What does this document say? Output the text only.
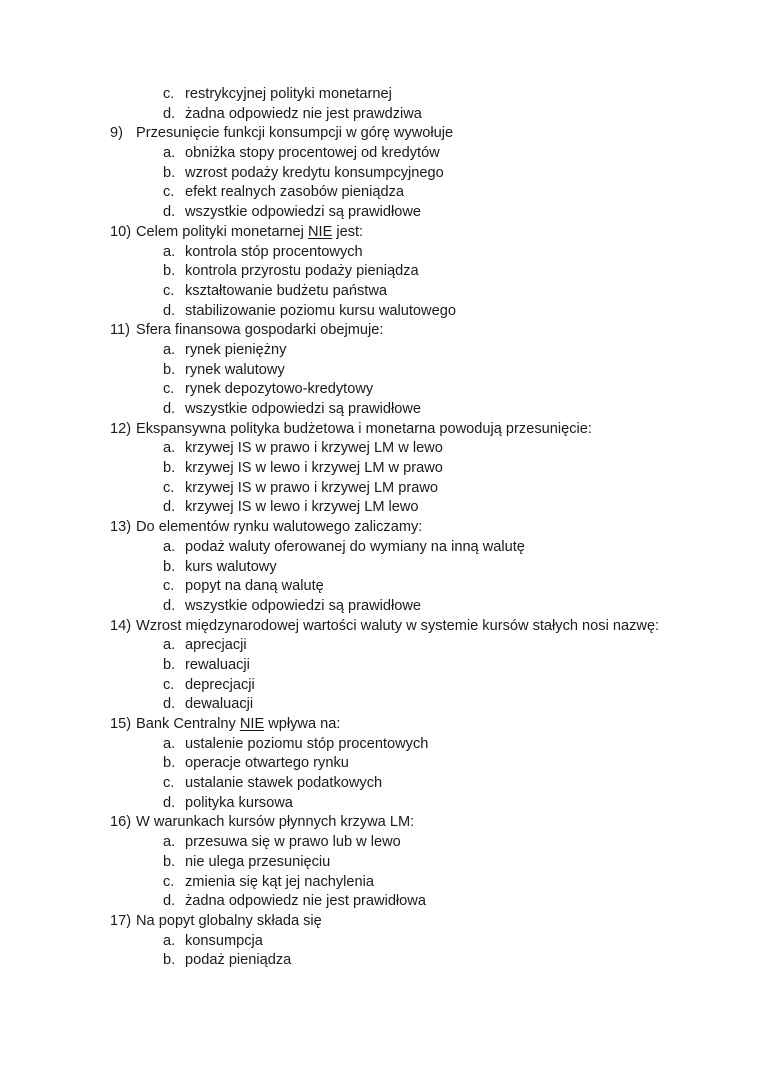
c. restrykcyjnej polityki monetarnej
d. żadna odpowiedz nie jest prawdziwa
9) Przesunięcie funkcji konsumpcji w górę wywołuje
a. obniżka stopy procentowej od kredytów
b. wzrost podaży kredytu konsumpcyjnego
c. efekt realnych zasobów pieniądza
d. wszystkie odpowiedzi są prawidłowe
10) Celem polityki monetarnej NIE jest:
a. kontrola stóp procentowych
b. kontrola przyrostu podaży pieniądza
c. kształtowanie budżetu państwa
d. stabilizowanie poziomu kursu walutowego
11) Sfera finansowa gospodarki obejmuje:
a. rynek pieniężny
b. rynek walutowy
c. rynek depozytowo-kredytowy
d. wszystkie odpowiedzi są prawidłowe
12) Ekspansywna polityka budżetowa i monetarna powodują przesunięcie:
a. krzywej IS w prawo i krzywej LM w lewo
b. krzywej IS w lewo i krzywej LM w prawo
c. krzywej IS w prawo i krzywej LM prawo
d. krzywej IS w lewo i krzywej LM lewo
13) Do elementów rynku walutowego zaliczamy:
a. podaż waluty oferowanej do wymiany na inną walutę
b. kurs walutowy
c. popyt na daną walutę
d. wszystkie odpowiedzi są prawidłowe
14) Wzrost międzynarodowej wartości waluty w systemie kursów stałych nosi nazwę:
a. aprecjacji
b. rewaluacji
c. deprecjacji
d. dewaluacji
15) Bank Centralny NIE wpływa na:
a. ustalenie poziomu stóp procentowych
b. operacje otwartego rynku
c. ustalanie stawek podatkowych
d. polityka kursowa
16) W warunkach kursów płynnych krzywa LM:
a. przesuwa się w prawo lub w lewo
b. nie ulega przesunięciu
c. zmienia się kąt jej nachylenia
d. żadna odpowiedz nie jest prawidłowa
17) Na popyt globalny składa się
a. konsumpcja
b. podaż pieniądza
